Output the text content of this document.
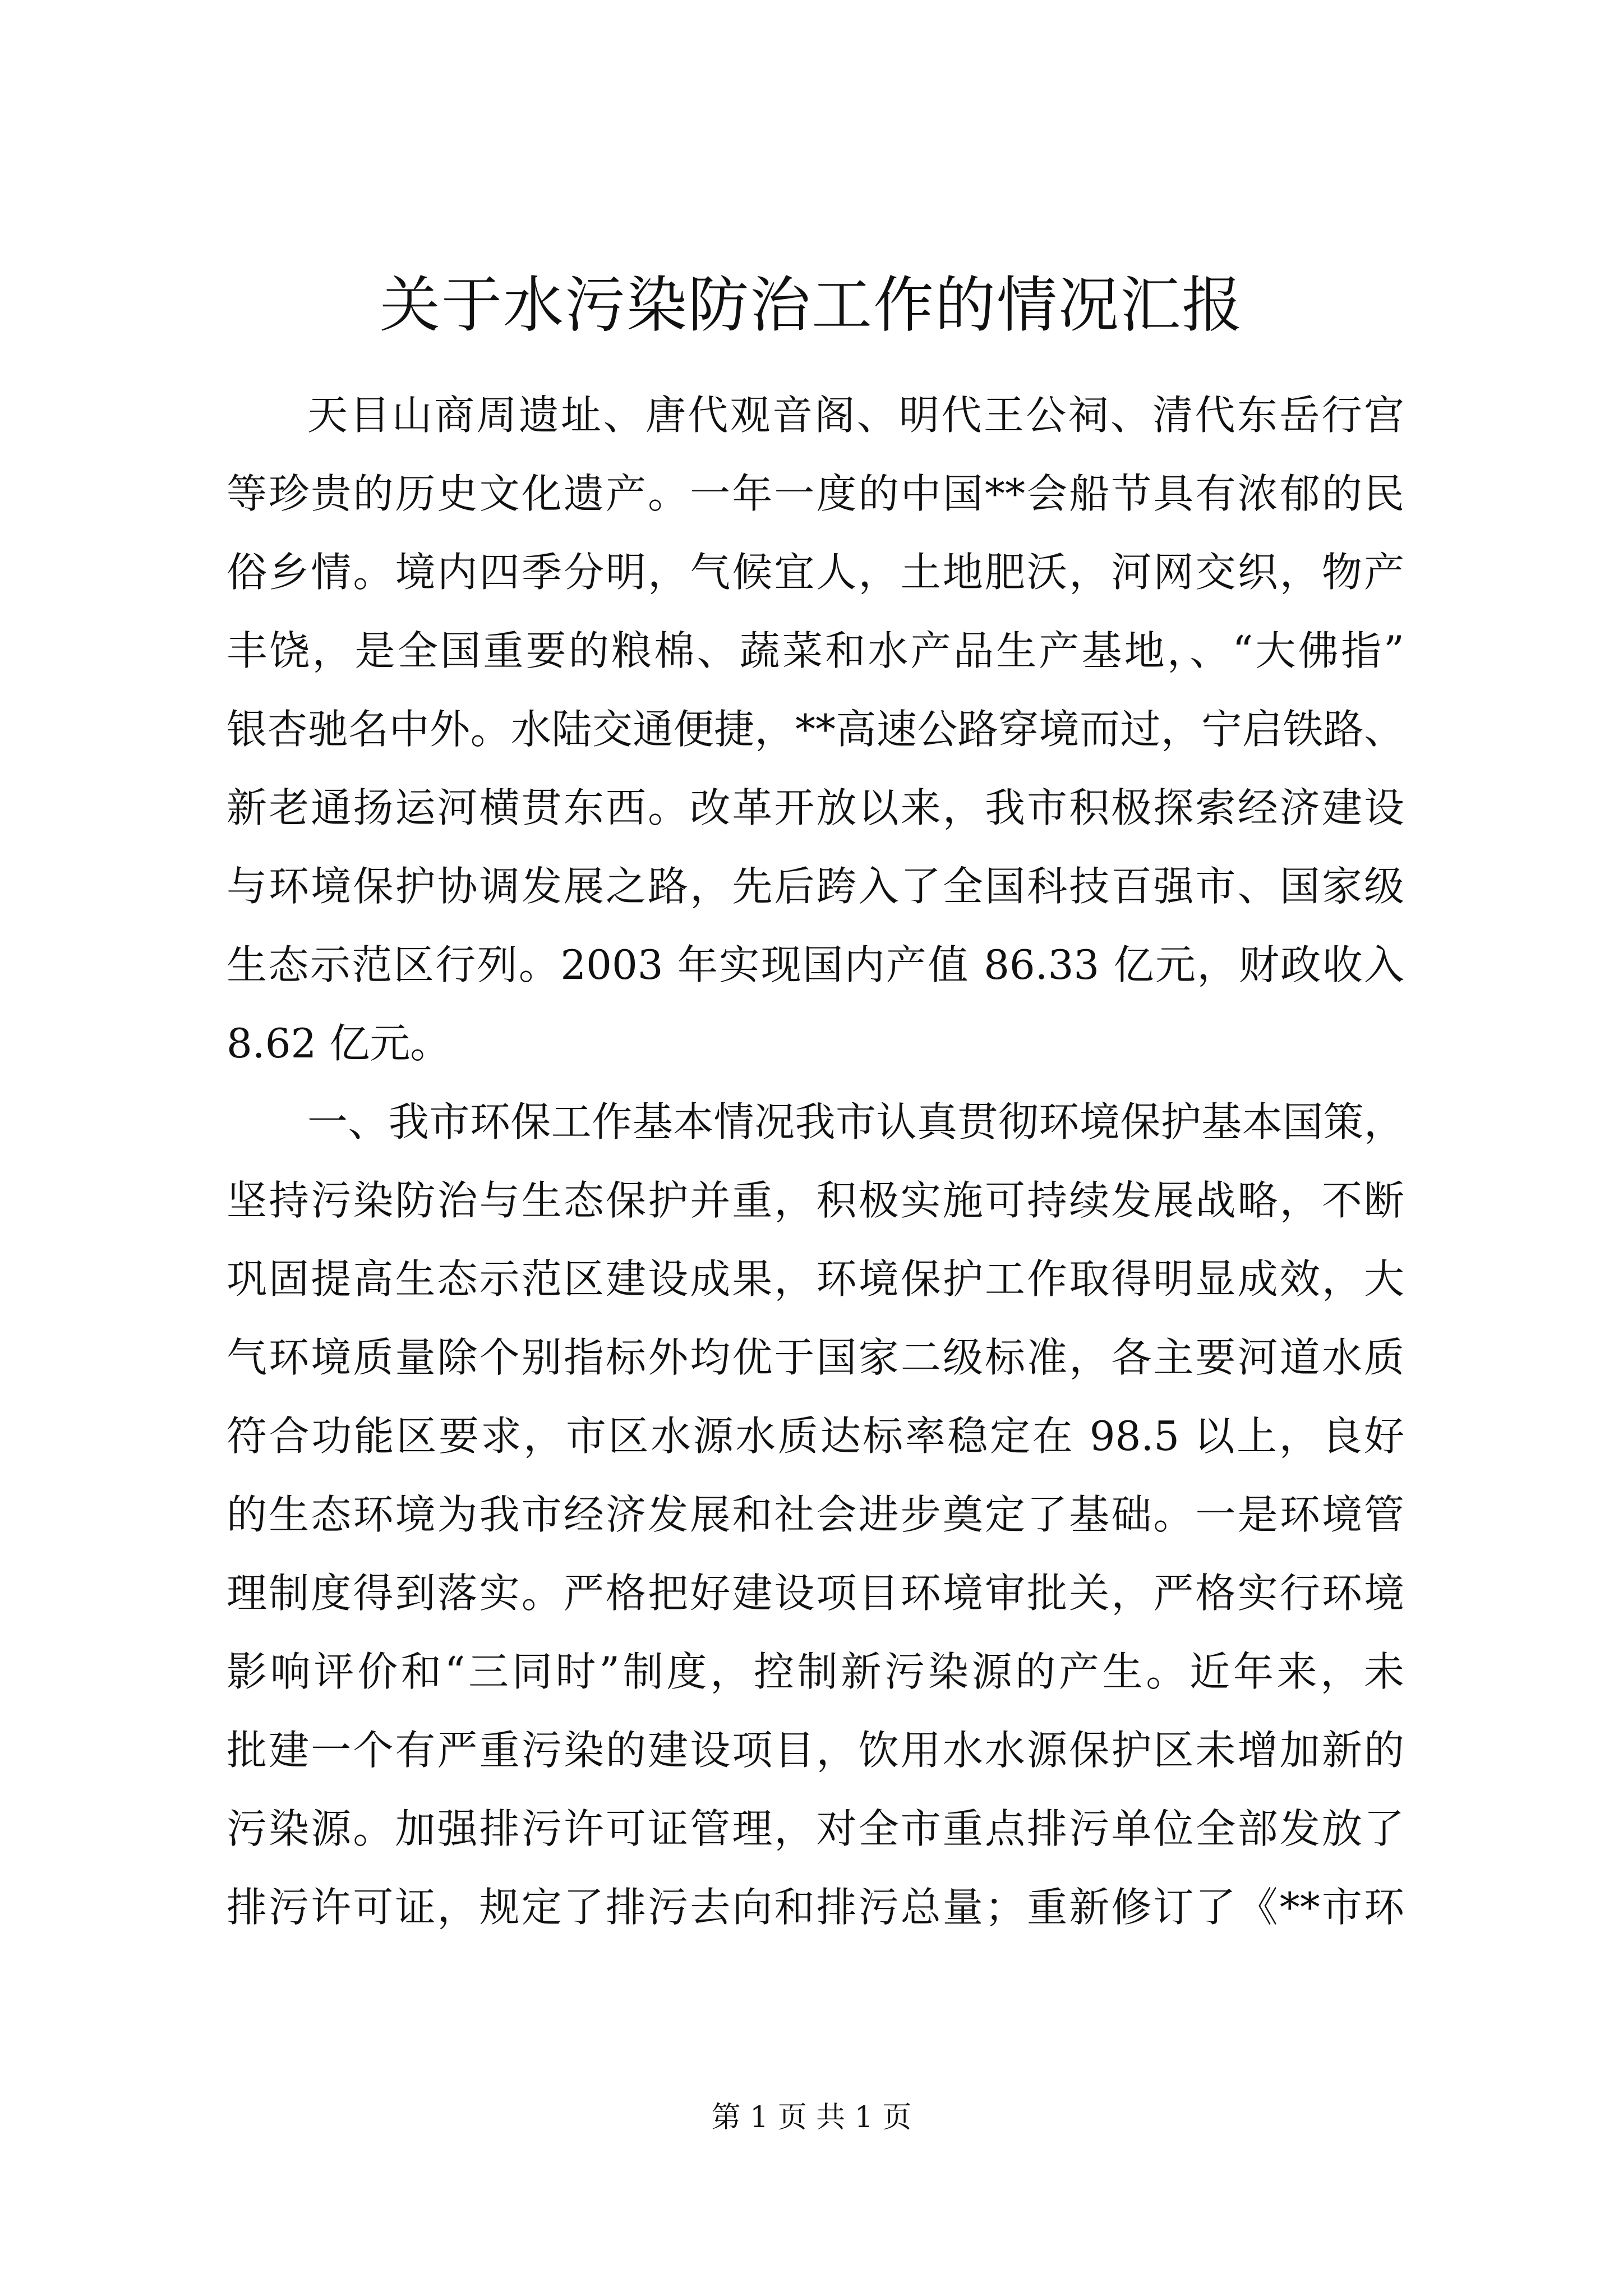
关于水污染防治工作的情况汇报
天目山商周遗址、唐代观音阁、明代王公祠、清代东岳行宫
等珍贵的历史文化遗产。一年一度的中国**会船节具有浓郁的民
俗乡情。境内四季分明，气候宜人，土地肥沃，河网交织，物产
丰饶，是全国重要的粮棉、蔬菜和水产品生产基地，、“大佛指”
银杏驰名中外。水陆交通便捷，**高速公路穿境而过，宁启铁路、
新老通扬运河横贯东西。改革开放以来，我市积极探索经济建设
与环境保护协调发展之路，先后跨入了全国科技百强市、国家级
生态示范区行列。2003 年实现国内产值 86.33 亿元，财政收入
8.62 亿元。
一、我市环保工作基本情况我市认真贯彻环境保护基本国策，
坚持污染防治与生态保护并重，积极实施可持续发展战略，不断
巩固提高生态示范区建设成果，环境保护工作取得明显成效，大
气环境质量除个别指标外均优于国家二级标准，各主要河道水质
符合功能区要求，市区水源水质达标率稳定在 98.5 以上，良好
的生态环境为我市经济发展和社会进步奠定了基础。一是环境管
理制度得到落实。严格把好建设项目环境审批关，严格实行环境
影响评价和“三同时”制度，控制新污染源的产生。近年来，未
批建一个有严重污染的建设项目，饮用水水源保护区未增加新的
污染源。加强排污许可证管理，对全市重点排污单位全部发放了
排污许可证，规定了排污去向和排污总量；重新修订了《**市环
第 1 页 共 1 页
